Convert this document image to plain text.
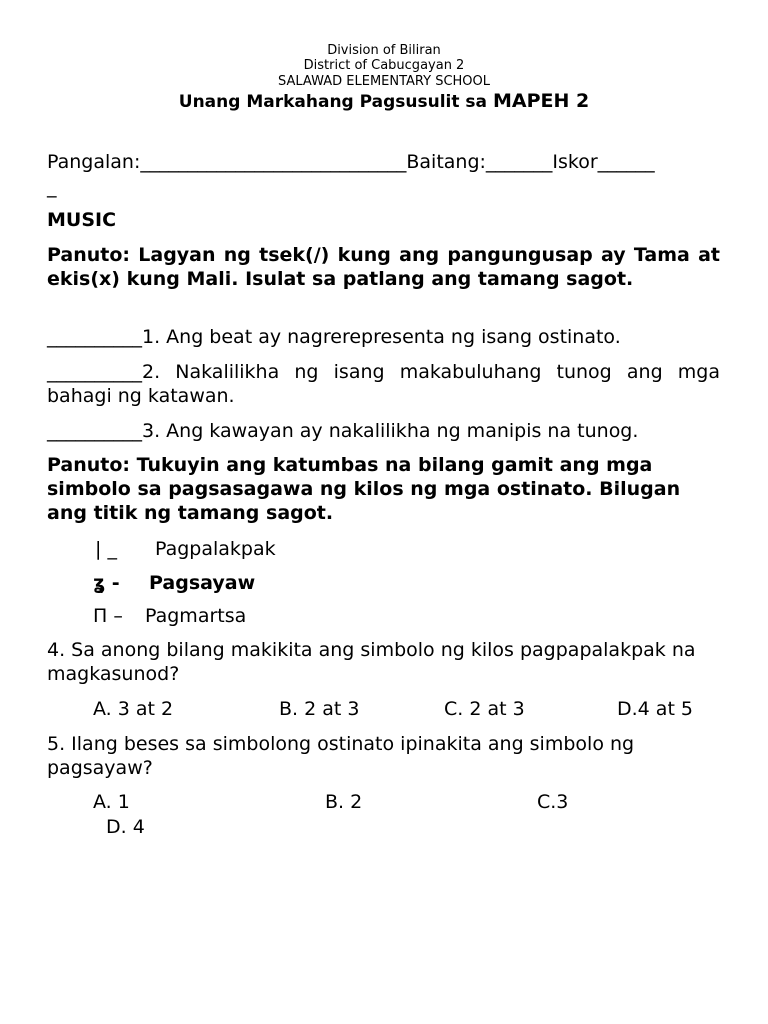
Division of Biliran
District of Cabucgayan 2
SALAWAD ELEMENTARY SCHOOL
Unang Markahang Pagsusulit sa MAPEH 2
Pangalan:____________________________Baitang:_______Iskor______
_
MUSIC
Panuto: Lagyan ng tsek(/) kung ang pangungusap ay Tama at ekis(x) kung Mali. Isulat sa patlang ang tamang sagot.
__________1. Ang beat ay nagrerepresenta ng isang ostinato.
__________2. Nakalilikha ng isang makabuluhang tunog ang mga bahagi ng katawan.
__________3. Ang kawayan ay nakalilikha ng manipis na tunog.
Panuto: Tukuyin ang katumbas na bilang gamit ang mga simbolo sa pagsasagawa ng kilos ng mga ostinato. Bilugan ang titik ng tamang sagot.
| _ Pagpalakpak
ʓ - Pagsayaw
Π – Pagmartsa
4. Sa anong bilang makikita ang simbolo ng kilos pagpapalakpak na magkasunod?
A. 3 at 2	B. 2 at 3	C. 2 at 3	D.4 at 5
5. Ilang beses sa simbolong ostinato ipinakita ang simbolo ng pagsayaw?
A. 1	B. 2	C.3
D. 4
